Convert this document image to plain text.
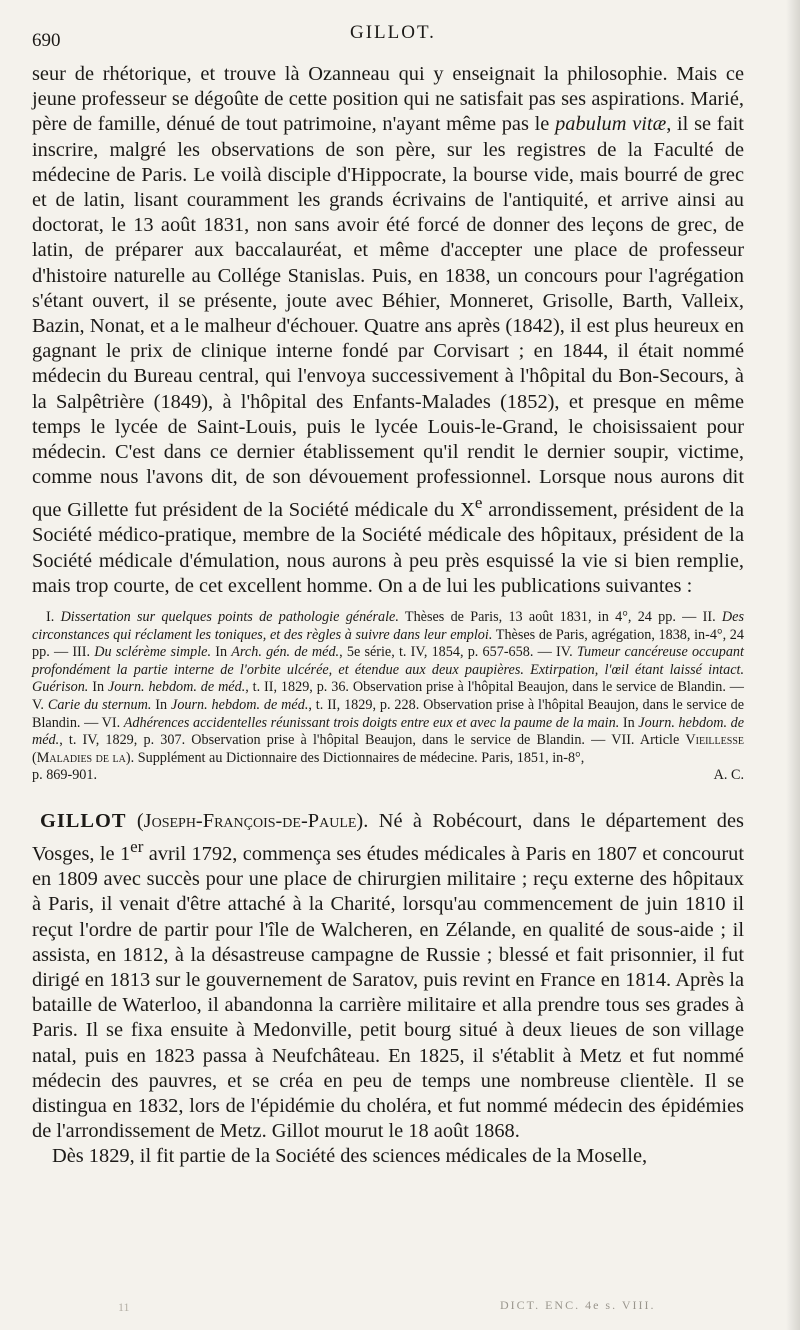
690	GILLOT.

seur de rhétorique, et trouve là Ozanneau qui y enseignait la philosophie. Mais ce jeune professeur se dégoûte de cette position qui ne satisfait pas ses aspirations. Marié, père de famille, dénué de tout patrimoine, n'ayant même pas le pabulum vitæ, il se fait inscrire, malgré les observations de son père, sur les registres de la Faculté de médecine de Paris. Le voilà disciple d'Hippocrate, la bourse vide, mais bourré de grec et de latin, lisant couramment les grands écrivains de l'antiquité, et arrive ainsi au doctorat, le 13 août 1831, non sans avoir été forcé de donner des leçons de grec, de latin, de préparer aux baccalauréat, et même d'accepter une place de professeur d'histoire naturelle au Collége Stanislas. Puis, en 1838, un concours pour l'agrégation s'étant ouvert, il se présente, joute avec Béhier, Monneret, Grisolle, Barth, Valleix, Bazin, Nonat, et a le malheur d'échouer. Quatre ans après (1842), il est plus heureux en gagnant le prix de clinique interne fondé par Corvisart ; en 1844, il était nommé médecin du Bureau central, qui l'envoya successivement à l'hôpital du Bon-Secours, à la Salpêtrière (1849), à l'hôpital des Enfants-Malades (1852), et presque en même temps le lycée de Saint-Louis, puis le lycée Louis-le-Grand, le choisissaient pour médecin. C'est dans ce dernier établissement qu'il rendit le dernier soupir, victime, comme nous l'avons dit, de son dévouement professionnel. Lorsque nous aurons dit que Gillette fut président de la Société médicale du Xe arrondissement, président de la Société médico-pratique, membre de la Société médicale des hôpitaux, président de la Société médicale d'émulation, nous aurons à peu près esquissé la vie si bien remplie, mais trop courte, de cet excellent homme. On a de lui les publications suivantes :

I. Dissertation sur quelques points de pathologie générale. Thèses de Paris, 13 août 1831, in 4°, 24 pp. — II. Des circonstances qui réclament les toniques, et des règles à suivre dans leur emploi. Thèses de Paris, agrégation, 1838, in-4°, 24 pp. — III. Du sclérème simple. In Arch. gén. de méd., 5e série, t. IV, 1854, p. 657-658. — IV. Tumeur cancéreuse occupant profondément la partie interne de l'orbite ulcérée, et étendue aux deux paupières. Extirpation, l'œil étant laissé intact. Guérison. In Journ. hebdom. de méd., t. II, 1829, p. 36. Observation prise à l'hôpital Beaujon, dans le service de Blandin. — V. Carie du sternum. In Journ. hebdom. de méd., t. II, 1829, p. 228. Observation prise à l'hôpital Beaujon, dans le service de Blandin. — VI. Adhérences accidentelles réunissant trois doigts entre eux et avec la paume de la main. In Journ. hebdom. de méd., t. IV, 1829, p. 307. Observation prise à l'hôpital Beaujon, dans le service de Blandin. — VII. Article Vieillesse (Maladies de la). Supplément au Dictionnaire des Dictionnaires de médecine. Paris, 1851, in-8°,

p. 869-901.	A. C.

GILLOT (Joseph-François-de-Paule). Né à Robécourt, dans le département des Vosges, le 1er avril 1792, commença ses études médicales à Paris en 1807 et concourut en 1809 avec succès pour une place de chirurgien militaire ; reçu externe des hôpitaux à Paris, il venait d'être attaché à la Charité, lorsqu'au commencement de juin 1810 il reçut l'ordre de partir pour l'île de Walcheren, en Zélande, en qualité de sous-aide ; il assista, en 1812, à la désastreuse campagne de Russie ; blessé et fait prisonnier, il fut dirigé en 1813 sur le gouvernement de Saratov, puis revint en France en 1814. Après la bataille de Waterloo, il abandonna la carrière militaire et alla prendre tous ses grades à Paris. Il se fixa ensuite à Medonville, petit bourg situé à deux lieues de son village natal, puis en 1823 passa à Neufchâteau. En 1825, il s'établit à Metz et fut nommé médecin des pauvres, et se créa en peu de temps une nombreuse clientèle. Il se distingua en 1832, lors de l'épidémie du choléra, et fut nommé médecin des épidémies de l'arrondissement de Metz. Gillot mourut le 18 août 1868.

Dès 1829, il fit partie de la Société des sciences médicales de la Moselle,

11	DICT. ENC. 4e s. VIII.
